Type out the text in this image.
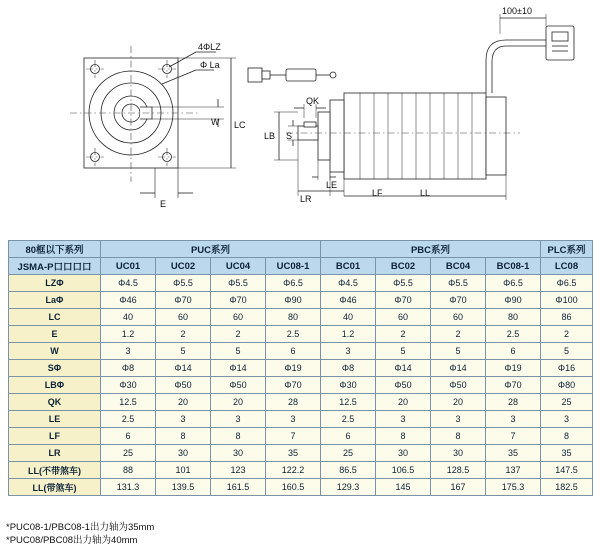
4ΦLZ
Φ La
W LC
E
QK
LB S
LR
LE
LF	LL
100±10
80框以下系列	PUC系列				PBC系列				PLC系列
JSMA-P口口口口	UC01	UC02	UC04	UC08-1	BC01	BC02	BC04	BC08-1	LC08
LZΦ	Φ4.5	Φ5.5	Φ5.5	Φ6.5	Φ4.5	Φ5.5	Φ5.5	Φ6.5	Φ6.5
LaΦ	Φ46	Φ70	Φ70	Φ90	Φ46	Φ70	Φ70	Φ90	Φ100
LC	40	60	60	80	40	60	60	80	86
E	1.2	2	2	2.5	1.2	2	2	2.5	2
W	3	5	5	6	3	5	5	6	5
SΦ	Φ8	Φ14	Φ14	Φ19	Φ8	Φ14	Φ14	Φ19	Φ16
LBΦ	Φ30	Φ50	Φ50	Φ70	Φ30	Φ50	Φ50	Φ70	Φ80
QK	12.5	20	20	28	12.5	20	20	28	25
LE	2.5	3	3	3	2.5	3	3	3	3
LF	6	8	8	7	6	8	8	7	8
LR	25	30	30	35	25	30	30	35	35
LL(不带煞车)	88	101	123	122.2	86.5	106.5	128.5	137	147.5
LL(带煞车)	131.3	139.5	161.5	160.5	129.3	145	167	175.3	182.5
*PUC08-1/PBC08-1出力轴为35mm
*PUC08/PBC08出力轴为40mm
